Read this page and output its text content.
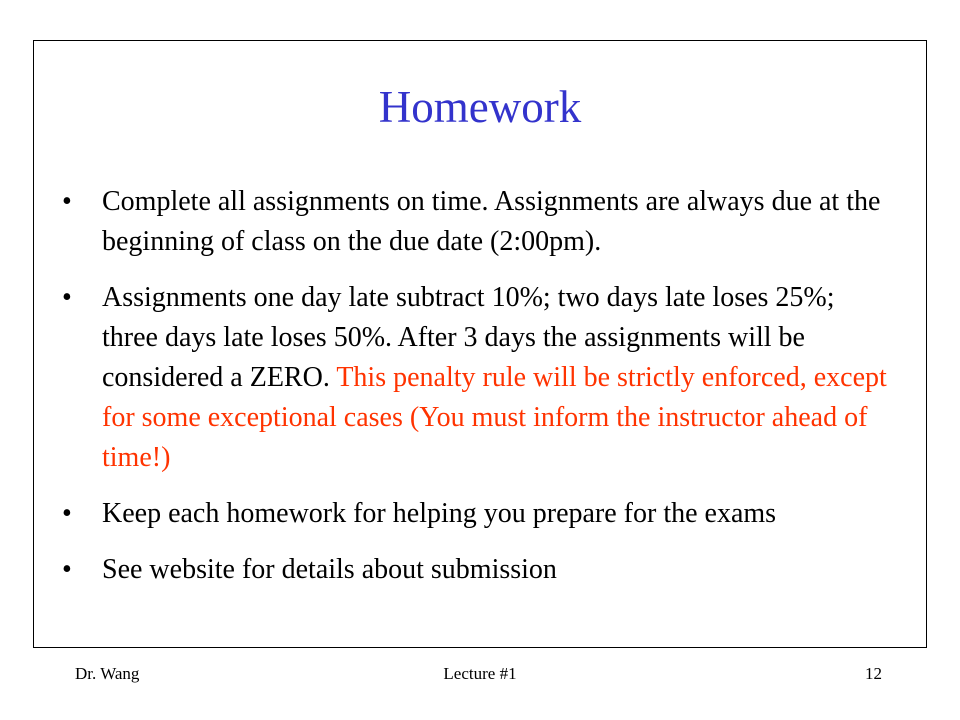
Homework
• Complete all assignments on time. Assignments are always due at the beginning of class on the due date (2:00pm).
• Assignments one day late subtract 10%; two days late loses 25%; three days late loses 50%. After 3 days the assignments will be considered a ZERO. This penalty rule will be strictly enforced, except for some exceptional cases (You must inform the instructor ahead of time!)
• Keep each homework for helping you prepare for the exams
• See website for details about submission
Dr. Wang	Lecture #1	12
